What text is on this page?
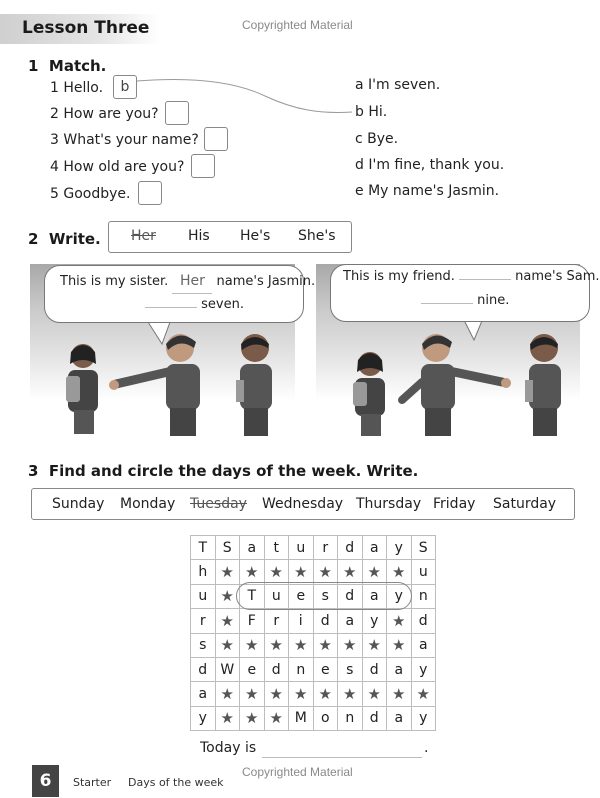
Lesson Three	Copyrighted Material
1 Match.
1 Hello.	b
2 How are you?
3 What's your name?
4 How old are you?
5 Goodbye.
a I'm seven.
b Hi.
c Bye.
d I'm fine, thank you.
e My name's Jasmin.
2 Write. Her His He's She's
This is my sister. Her name's Jasmin.
seven.
This is my friend.	name's Sam.
nine.
3 Find and circle the days of the week. Write.
Sunday Monday Tuesday Wednesday Thursday Friday Saturday
T	S	a	t	u	r	d	a	y	S
h	★	★	★	★	★	★	★	★	u
u	★	T	u	e	s	d	a	y	n
r	★	F	r	i	d	a	y	★	d
s	★	★	★	★	★	★	★	★	a
d	W	e	d	n	e	s	d	a	y
a	★	★	★	★	★	★	★	★	★
y	★	★	★	M	o	n	d	a	y
Today is	.
6	Starter Days of the week
Copyrighted Material
